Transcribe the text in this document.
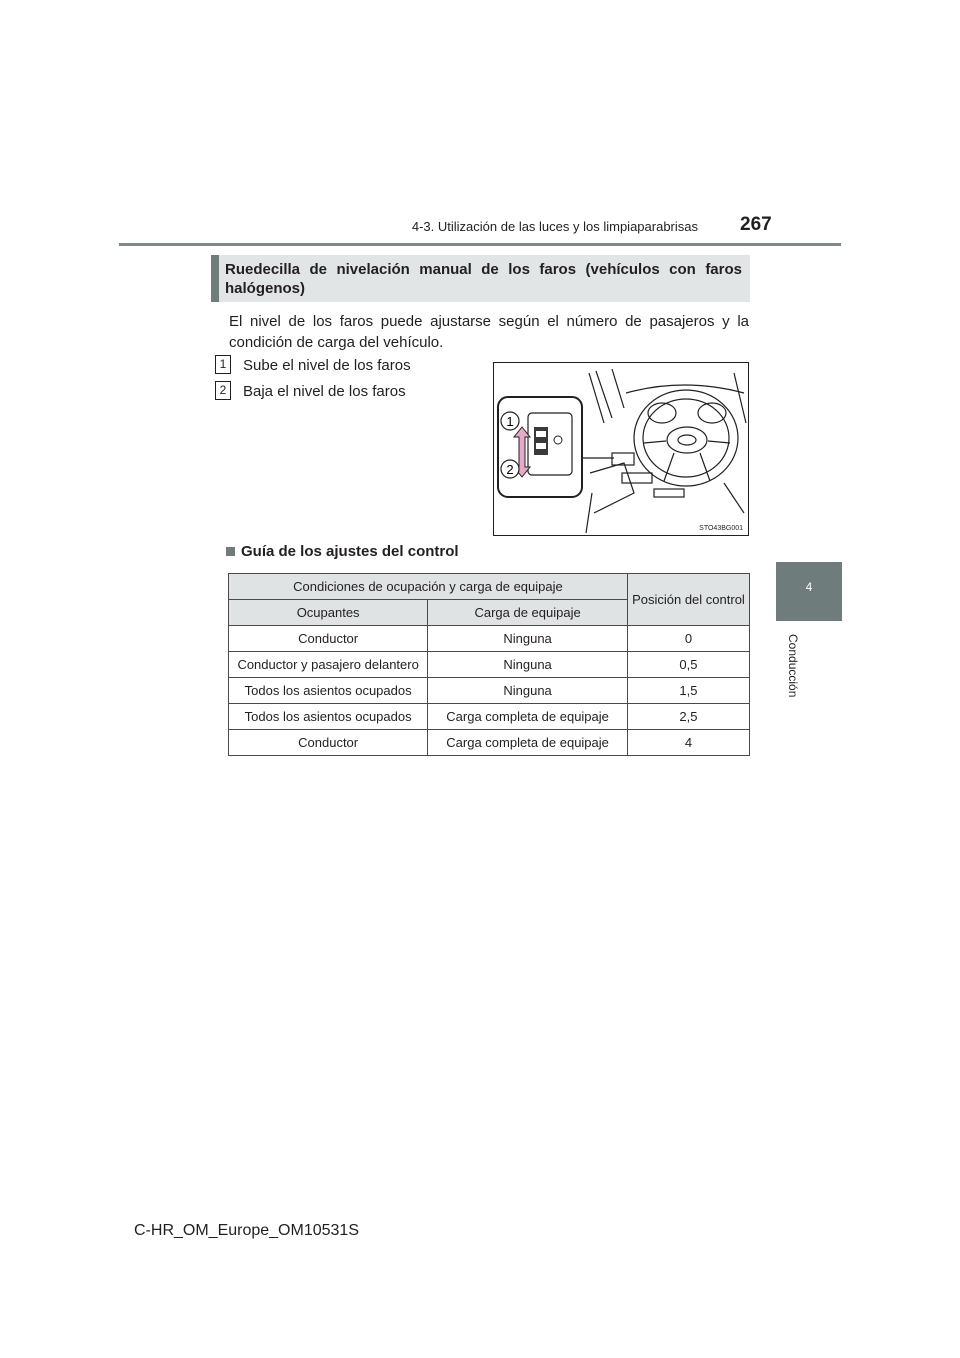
4-3. Utilización de las luces y los limpiaparabrisas 267
4
Conducción
Ruedecilla de nivelación manual de los faros (vehículos con faros halógenos)
El nivel de los faros puede ajustarse según el número de pasajeros y la condición de carga del vehículo.
1 Sube el nivel de los faros
2 Baja el nivel de los faros
1
2
STO43BG001
Guía de los ajustes del control
Condiciones de ocupación y carga de equipaje		Posición del control
Ocupantes	Carga de equipaje	
Conductor	Ninguna	0
Conductor y pasajero delantero	Ninguna	0,5
Todos los asientos ocupados	Ninguna	1,5
Todos los asientos ocupados	Carga completa de equipaje	2,5
Conductor	Carga completa de equipaje	4
C-HR_OM_Europe_OM10531S
